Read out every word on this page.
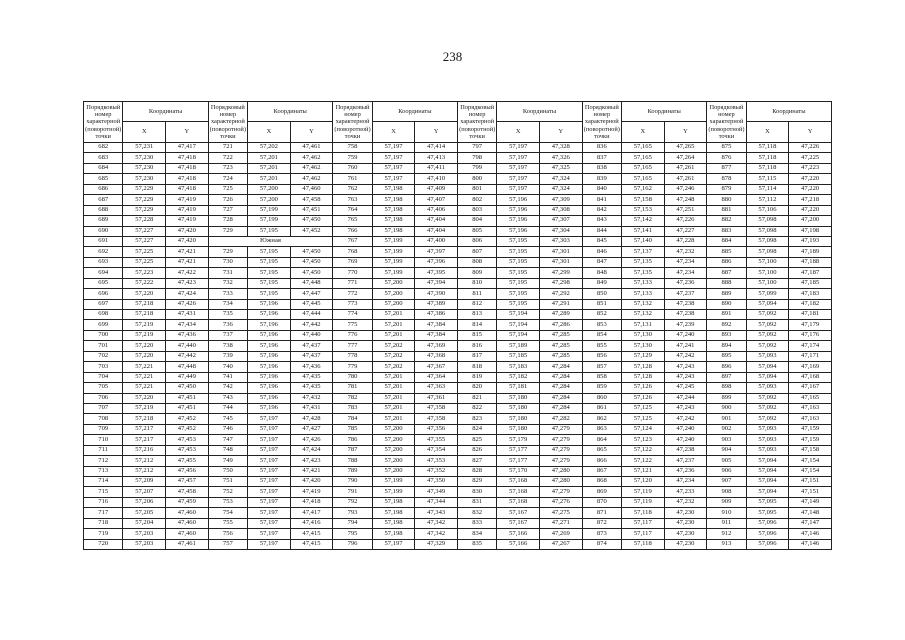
238
Порядковый номер характерной (поворотной) точки	Координаты		Порядковый номер характерной (поворотной) точки	Координаты		Порядковый номер характерной (поворотной) точки	Координаты		Порядковый номер характерной (поворотной) точки	Координаты		Порядковый номер характерной (поворотной) точки	Координаты		Порядковый номер характерной (поворотной) точки	Координаты	
	X	Y		X	Y		X	Y		X	Y		X	Y		X	Y
682	57,231	47,417	721	57,202	47,461	758	57,197	47,414	797	57,197	47,328	836	57,165	47,265	875	57,118	47,226
683	57,230	47,418	722	57,201	47,462	759	57,197	47,413	798	57,197	47,326	837	57,165	47,264	876	57,118	47,225
684	57,230	47,418	723	57,201	47,462	760	57,197	47,411	799	57,197	47,325	838	57,165	47,261	877	57,118	47,223
685	57,230	47,418	724	57,201	47,462	761	57,197	47,410	800	57,197	47,324	839	57,165	47,261	878	57,115	47,220
686	57,229	47,418	725	57,200	47,460	762	57,198	47,409	801	57,197	47,324	840	57,162	47,246	879	57,114	47,220
687	57,229	47,419	726	57,200	47,458	763	57,198	47,407	802	57,196	47,309	841	57,158	47,248	880	57,112	47,218
688	57,229	47,419	727	57,199	47,451	764	57,198	47,406	803	57,196	47,308	842	57,153	47,251	881	57,106	47,220
689	57,228	47,419	728	57,199	47,450	765	57,198	47,404	804	57,196	47,307	843	57,142	47,226	882	57,098	47,200
690	57,227	47,420	729	57,195	47,452	766	57,198	47,404	805	57,196	47,304	844	57,141	47,227	883	57,098	47,198
691	57,227	47,420	Южная			767	57,199	47,400	806	57,195	47,303	845	57,140	47,228	884	57,098	47,193
692	57,225	47,421	729	57,195	47,450	768	57,199	47,397	807	57,195	47,301	846	57,137	47,232	885	57,098	47,189
693	57,225	47,421	730	57,195	47,450	769	57,199	47,396	808	57,195	47,301	847	57,135	47,234	886	57,100	47,188
694	57,223	47,422	731	57,195	47,450	770	57,199	47,395	809	57,195	47,299	848	57,135	47,234	887	57,100	47,187
695	57,222	47,423	732	57,195	47,448	771	57,200	47,394	810	57,195	47,298	849	57,133	47,236	888	57,100	47,185
696	57,220	47,424	733	57,195	47,447	772	57,200	47,390	811	57,195	47,292	850	57,133	47,237	889	57,099	47,183
697	57,218	47,426	734	57,196	47,445	773	57,200	47,389	812	57,195	47,291	851	57,132	47,238	890	57,094	47,182
698	57,218	47,431	735	57,196	47,444	774	57,201	47,386	813	57,194	47,289	852	57,132	47,238	891	57,092	47,181
699	57,219	47,434	736	57,196	47,442	775	57,201	47,384	814	57,194	47,286	853	57,131	47,239	892	57,092	47,179
700	57,219	47,436	737	57,196	47,440	776	57,201	47,384	815	57,194	47,285	854	57,130	47,240	893	57,092	47,176
701	57,220	47,440	738	57,196	47,437	777	57,202	47,369	816	57,189	47,285	855	57,130	47,241	894	57,092	47,174
702	57,220	47,442	739	57,196	47,437	778	57,202	47,368	817	57,185	47,285	856	57,129	47,242	895	57,093	47,171
703	57,221	47,448	740	57,196	47,436	779	57,202	47,367	818	57,183	47,284	857	57,128	47,243	896	57,094	47,169
704	57,221	47,449	741	57,196	47,435	780	57,201	47,364	819	57,182	47,284	858	57,128	47,243	897	57,094	47,168
705	57,221	47,450	742	57,196	47,435	781	57,201	47,363	820	57,181	47,284	859	57,126	47,245	898	57,093	47,167
706	57,220	47,451	743	57,196	47,432	782	57,201	47,361	821	57,180	47,284	860	57,126	47,244	899	57,092	47,165
707	57,219	47,451	744	57,196	47,431	783	57,201	47,358	822	57,180	47,284	861	57,125	47,243	900	57,092	47,163
708	57,218	47,452	745	57,197	47,428	784	57,201	47,358	823	57,180	47,282	862	57,125	47,242	901	57,092	47,163
709	57,217	47,452	746	57,197	47,427	785	57,200	47,356	824	57,180	47,279	863	57,124	47,240	902	57,093	47,159
710	57,217	47,453	747	57,197	47,426	786	57,200	47,355	825	57,179	47,279	864	57,123	47,240	903	57,093	47,159
711	57,216	47,453	748	57,197	47,424	787	57,200	47,354	826	57,177	47,279	865	57,122	47,238	904	57,093	47,158
712	57,212	47,455	749	57,197	47,423	788	57,200	47,353	827	57,177	47,279	866	57,122	47,237	905	57,094	47,154
713	57,212	47,456	750	57,197	47,421	789	57,200	47,352	828	57,170	47,280	867	57,121	47,236	906	57,094	47,154
714	57,209	47,457	751	57,197	47,420	790	57,199	47,350	829	57,168	47,280	868	57,120	47,234	907	57,094	47,151
715	57,207	47,458	752	57,197	47,419	791	57,199	47,349	830	57,168	47,279	869	57,119	47,233	908	57,094	47,151
716	57,206	47,459	753	57,197	47,418	792	57,198	47,344	831	57,168	47,276	870	57,119	47,232	909	57,095	47,149
717	57,205	47,460	754	57,197	47,417	793	57,198	47,343	832	57,167	47,275	871	57,118	47,230	910	57,095	47,148
718	57,204	47,460	755	57,197	47,416	794	57,198	47,342	833	57,167	47,271	872	57,117	47,230	911	57,096	47,147
719	57,203	47,460	756	57,197	47,415	795	57,198	47,342	834	57,166	47,269	873	57,117	47,230	912	57,096	47,146
720	57,203	47,461	757	57,197	47,415	796	57,197	47,329	835	57,166	47,267	874	57,118	47,230	913	57,096	47,146
